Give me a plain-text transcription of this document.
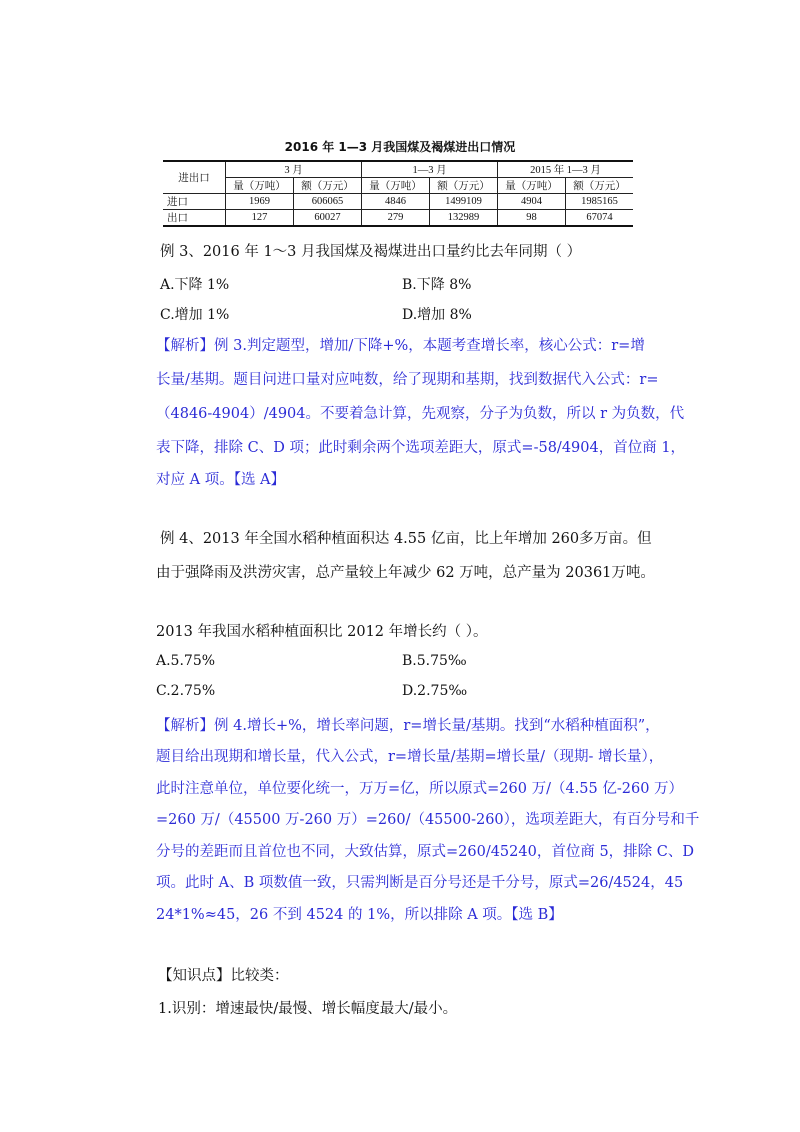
2016 年 1—3 月我国煤及褐煤进出口情况
进出口	3 月		1—3 月		2015 年 1—3 月	
	量（万吨）	额（万元）	量（万吨）	额（万元）	量（万吨）	额（万元）
进口	1969	606065	4846	1499109	4904	1985165
出口	127	60027	279	132989	98	67074
例 3、2016 年 1～3 月我国煤及褐煤进出口量约比去年同期（ ）
A.下降 1%	B.下降 8%
C.增加 1%	D.增加 8%
【解析】例 3.判定题型，增加/下降+%，本题考查增长率，核心公式：r=增
长量/基期。题目问进口量对应吨数，给了现期和基期，找到数据代入公式：r=
（4846-4904）/4904。不要着急计算，先观察，分子为负数，所以 r 为负数，代
表下降，排除 C、D 项；此时剩余两个选项差距大，原式=-58/4904，首位商 1，
对应 A 项。【选 A】
例 4、2013 年全国水稻种植面积达 4.55 亿亩，比上年增加 260多万亩。但
由于强降雨及洪涝灾害，总产量较上年减少 62 万吨，总产量为 20361万吨。
2013 年我国水稻种植面积比 2012 年增长约（ ）。
A.5.75%	B.5.75‰
C.2.75%	D.2.75‰
【解析】例 4.增长+%，增长率问题，r=增长量/基期。找到“水稻种植面积”，
题目给出现期和增长量，代入公式，r=增长量/基期=增长量/（现期- 增长量），
此时注意单位，单位要化统一，万万=亿，所以原式=260 万/（4.55 亿-260 万）
=260 万/（45500 万-260 万）=260/（45500-260），选项差距大，有百分号和千
分号的差距而且首位也不同，大致估算，原式=260/45240，首位商 5，排除 C、D
项。此时 A、B 项数值一致，只需判断是百分号还是千分号，原式=26/4524，45
24*1%≈45，26 不到 4524 的 1%，所以排除 A 项。【选 B】
【知识点】比较类：
1.识别：增速最快/最慢、增长幅度最大/最小。
